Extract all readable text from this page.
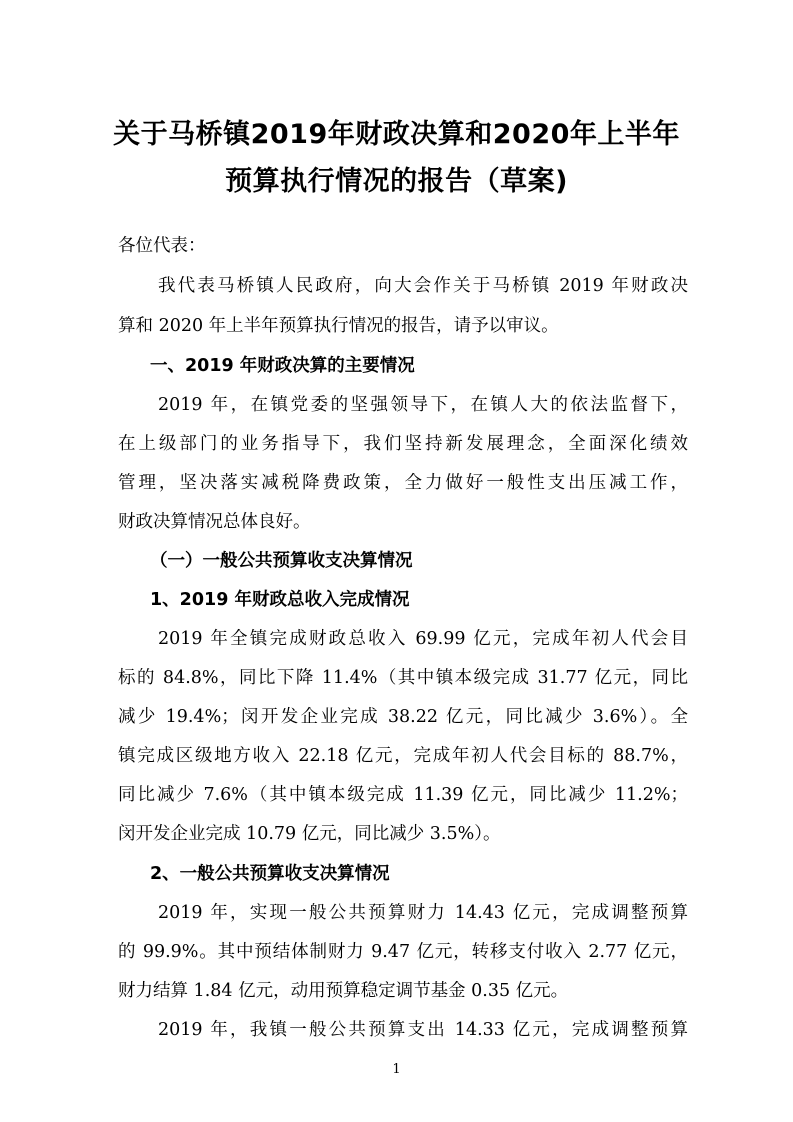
关于马桥镇2019年财政决算和2020年上半年
预算执行情况的报告（草案)
各位代表：
我代表马桥镇人民政府，向大会作关于马桥镇 2019 年财政决
算和 2020 年上半年预算执行情况的报告，请予以审议。
一、2019 年财政决算的主要情况
2019 年，在镇党委的坚强领导下，在镇人大的依法监督下，
在上级部门的业务指导下，我们坚持新发展理念，全面深化绩效
管理，坚决落实减税降费政策，全力做好一般性支出压减工作，
财政决算情况总体良好。
（一）一般公共预算收支决算情况
1、2019 年财政总收入完成情况
2019 年全镇完成财政总收入 69.99 亿元，完成年初人代会目
标的 84.8%，同比下降 11.4%（其中镇本级完成 31.77 亿元，同比
减少 19.4%；闵开发企业完成 38.22 亿元，同比减少 3.6%）。全
镇完成区级地方收入 22.18 亿元，完成年初人代会目标的 88.7%，
同比减少 7.6%（其中镇本级完成 11.39 亿元，同比减少 11.2%；
闵开发企业完成 10.79 亿元，同比减少 3.5%）。
2、一般公共预算收支决算情况
2019 年，实现一般公共预算财力 14.43 亿元，完成调整预算
的 99.9%。其中预结体制财力 9.47 亿元，转移支付收入 2.77 亿元，
财力结算 1.84 亿元，动用预算稳定调节基金 0.35 亿元。
2019 年，我镇一般公共预算支出 14.33 亿元，完成调整预算
1
